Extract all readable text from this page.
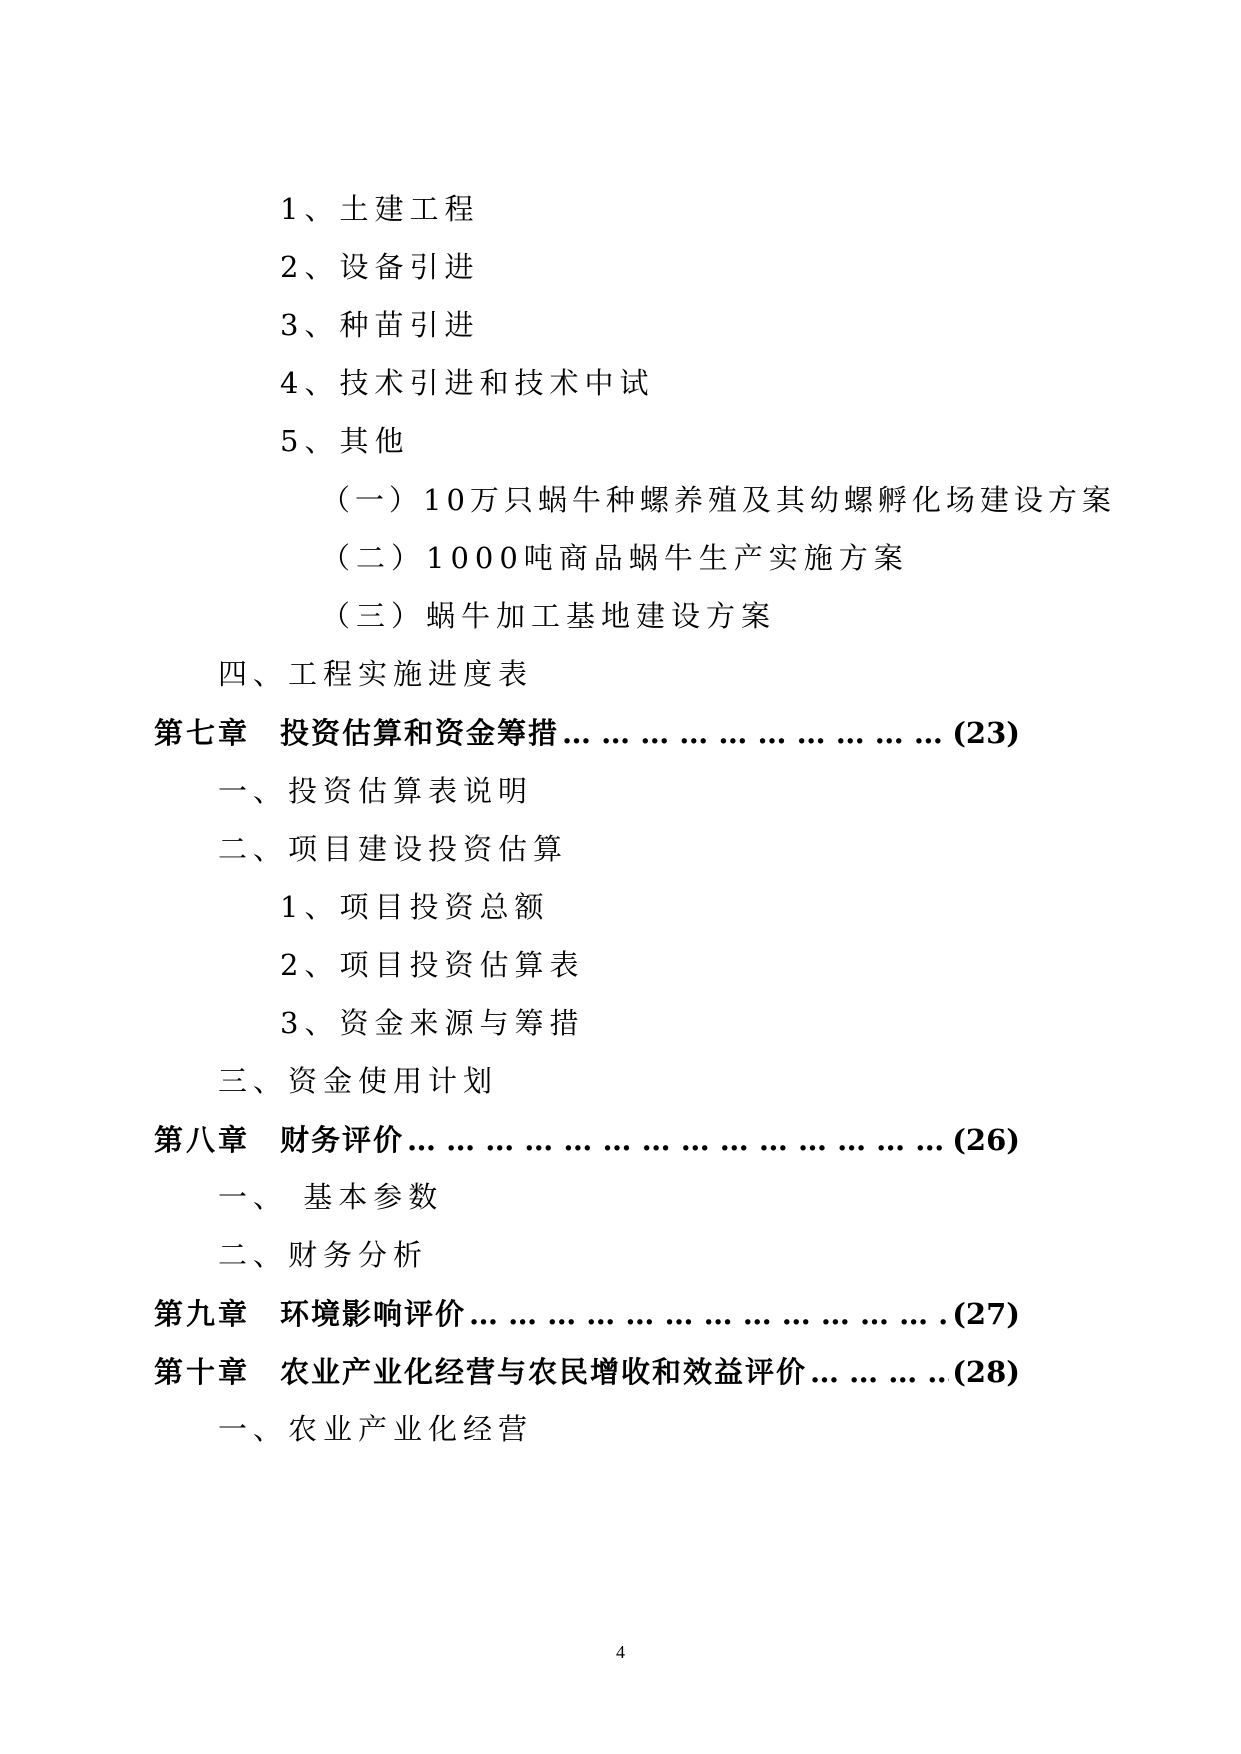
1、土建工程
2、设备引进
3、种苗引进
4、技术引进和技术中试
5、其他
（一）10万只蜗牛种螺养殖及其幼螺孵化场建设方案
（二）1000吨商品蜗牛生产实施方案
（三）蜗牛加工基地建设方案
四、工程实施进度表
第七章	投资估算和资金筹措 … … … … … … … … … … … … … … … … … … … … … … … … … … … … … … … … … … … … … … … …	(23)
一、投资估算表说明
二、项目建设投资估算
1、项目投资总额
2、项目投资估算表
3、资金来源与筹措
三、资金使用计划
第八章	财务评价 … … … … … … … … … … … … … … … … … … … … … … … … … … … … … … … … … … … … … … … …	(26)
一、 基本参数
二、财务分析
第九章	环境影响评价 … … … … … … … … … … … … … … … … … … … … … … … … … … … … … … … … … … … … … … … …	(27)
第十章	农业产业化经营与农民增收和效益评价 … … … … … … … … … … … … … … … … … … … … … … … … … … … … … … … … … … … … … … … …	(28)
一、农业产业化经营
4
